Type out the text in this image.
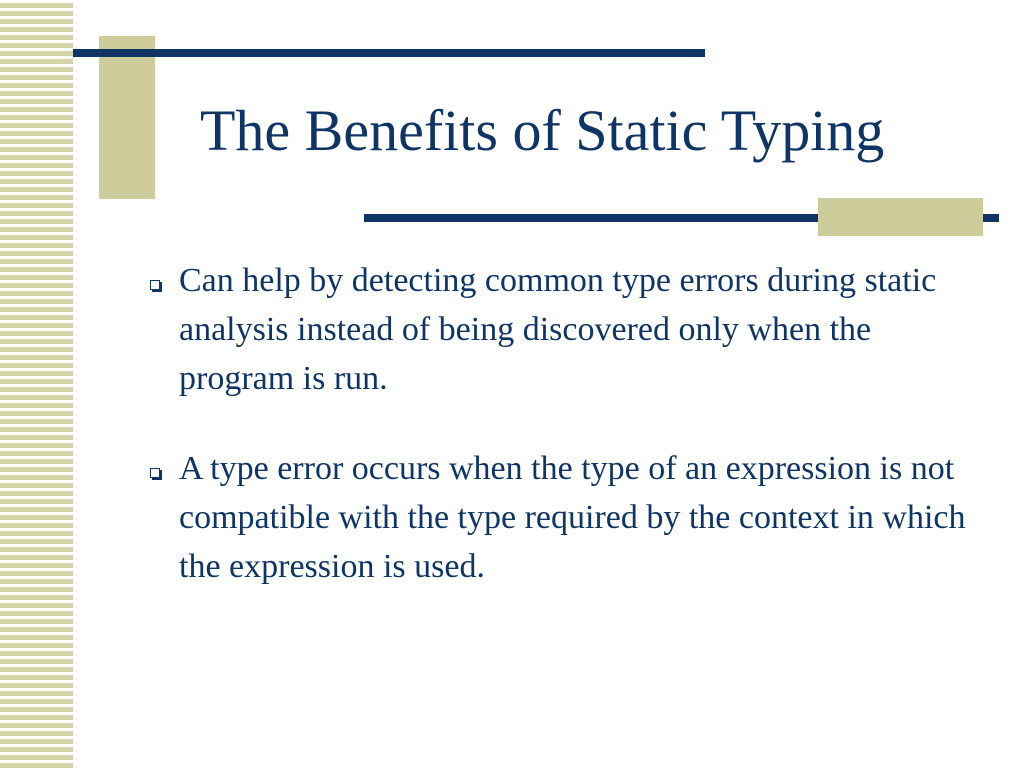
The Benefits of Static Typing
Can help by detecting common type errors during static analysis instead of being discovered only when the program is run.
A type error occurs when the type of an expression is not compatible with the type required by the context in which the expression is used.
